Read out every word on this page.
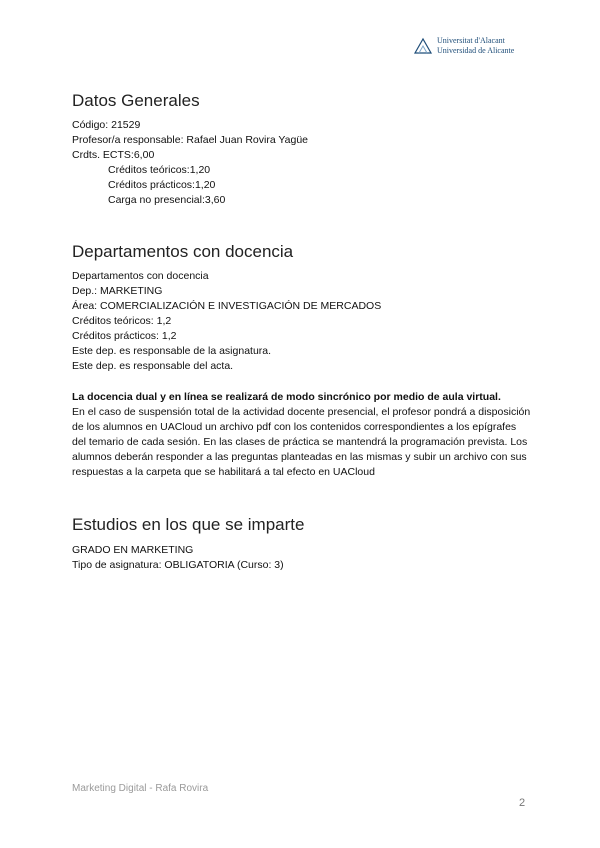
Universitat d'Alacant
Universidad de Alicante
Datos Generales
Código: 21529
Profesor/a responsable: Rafael Juan Rovira Yagüe
Crdts. ECTS:6,00
Créditos teóricos:1,20
Créditos prácticos:1,20
Carga no presencial:3,60
Departamentos con docencia
Departamentos con docencia
Dep.: MARKETING
Área: COMERCIALIZACIÓN E INVESTIGACIÓN DE MERCADOS
Créditos teóricos: 1,2
Créditos prácticos: 1,2
Este dep. es responsable de la asignatura.
Este dep. es responsable del acta.
La docencia dual y en línea se realizará de modo sincrónico por medio de aula virtual.
En el caso de suspensión total de la actividad docente presencial, el profesor pondrá a disposición de los alumnos en UACloud un archivo pdf con los contenidos correspondientes a los epígrafes del temario de cada sesión. En las clases de práctica se mantendrá la programación prevista. Los alumnos deberán responder a las preguntas planteadas en las mismas y subir un archivo con sus respuestas a la carpeta que se habilitará a tal efecto en UACloud
Estudios en los que se imparte
GRADO EN MARKETING
Tipo de asignatura: OBLIGATORIA (Curso: 3)
Marketing Digital - Rafa Rovira
2
